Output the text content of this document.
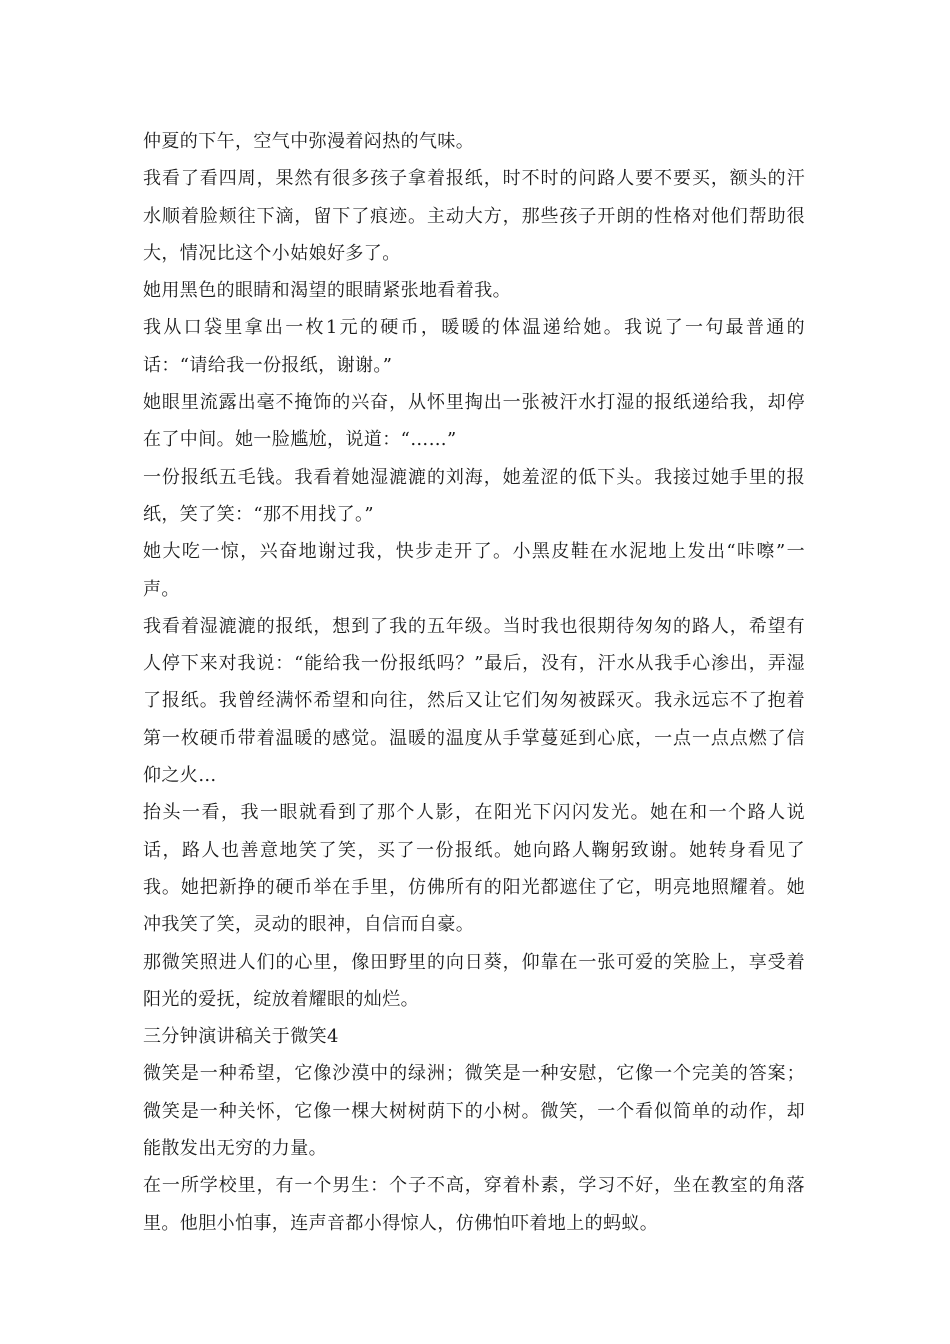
仲夏的下午，空气中弥漫着闷热的气味。

我看了看四周，果然有很多孩子拿着报纸，时不时的问路人要不要买，额头的汗水顺着脸颊往下滴，留下了痕迹。主动大方，那些孩子开朗的性格对他们帮助很大，情况比这个小姑娘好多了。

她用黑色的眼睛和渴望的眼睛紧张地看着我。

我从口袋里拿出一枚1元的硬币，暖暖的体温递给她。我说了一句最普通的话：“请给我一份报纸，谢谢。”

她眼里流露出毫不掩饰的兴奋，从怀里掏出一张被汗水打湿的报纸递给我，却停在了中间。她一脸尴尬，说道：“……”

一份报纸五毛钱。我看着她湿漉漉的刘海，她羞涩的低下头。我接过她手里的报纸，笑了笑：“那不用找了。”

她大吃一惊，兴奋地谢过我，快步走开了。小黑皮鞋在水泥地上发出“咔嚓”一声。

我看着湿漉漉的报纸，想到了我的五年级。当时我也很期待匆匆的路人，希望有人停下来对我说：“能给我一份报纸吗？”最后，没有，汗水从我手心渗出，弄湿了报纸。我曾经满怀希望和向往，然后又让它们匆匆被踩灭。我永远忘不了抱着第一枚硬币带着温暖的感觉。温暖的温度从手掌蔓延到心底，一点一点点燃了信仰之火…

抬头一看，我一眼就看到了那个人影，在阳光下闪闪发光。她在和一个路人说话，路人也善意地笑了笑，买了一份报纸。她向路人鞠躬致谢。她转身看见了我。她把新挣的硬币举在手里，仿佛所有的阳光都遮住了它，明亮地照耀着。她冲我笑了笑，灵动的眼神，自信而自豪。

那微笑照进人们的心里，像田野里的向日葵，仰靠在一张可爱的笑脸上，享受着阳光的爱抚，绽放着耀眼的灿烂。

三分钟演讲稿关于微笑4

微笑是一种希望，它像沙漠中的绿洲；微笑是一种安慰，它像一个完美的答案；微笑是一种关怀，它像一棵大树树荫下的小树。微笑，一个看似简单的动作，却能散发出无穷的力量。

在一所学校里，有一个男生：个子不高，穿着朴素，学习不好，坐在教室的角落里。他胆小怕事，连声音都小得惊人，仿佛怕吓着地上的蚂蚁。
